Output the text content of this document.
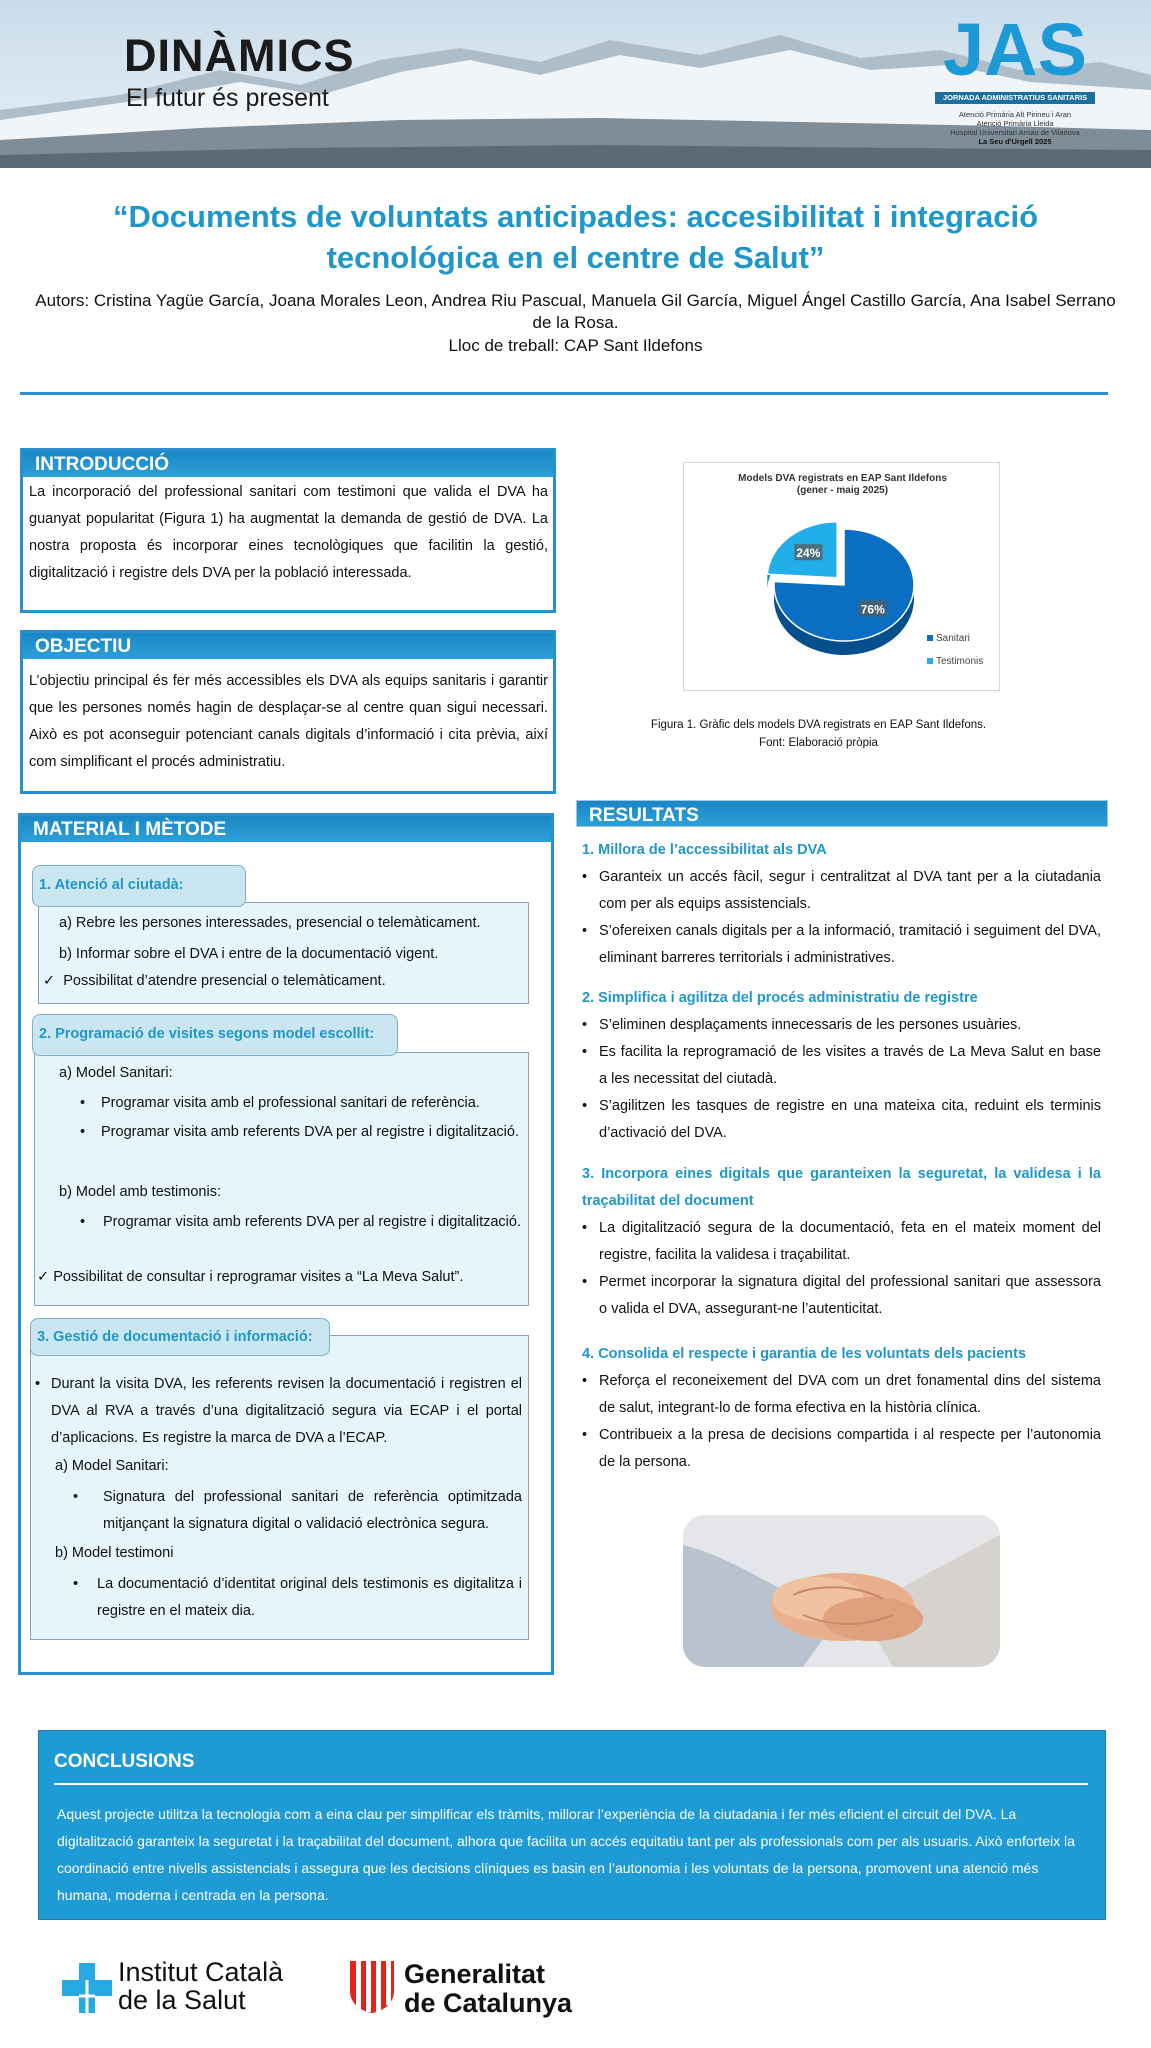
DINÀMICS
El futur és present
JAS
JORNADA ADMINISTRATIUS SANITARIS
Atenció Primària Alt Pirineu i Aran
Atenció Primària Lleida
Hospital Universitari Arnau de Vilanova
La Seu d'Urgell 2025
“Documents de voluntats anticipades: accesibilitat i integració
tecnológica en el centre de Salut”
Autors: Cristina Yagüe García, Joana Morales Leon, Andrea Riu Pascual, Manuela Gil García, Miguel Ángel Castillo García, Ana Isabel Serrano
de la Rosa.
Lloc de treball: CAP Sant Ildefons
INTRODUCCIÓ
La incorporació del professional sanitari com testimoni que valida el DVA ha guanyat popularitat (Figura 1) ha augmentat la demanda de gestió de DVA. La nostra proposta és incorporar eines tecnològiques que facilitin la gestió, digitalització i registre dels DVA per la població interessada.
OBJECTIU
L’objectiu principal és fer més accessibles els DVA als equips sanitaris i garantir que les persones només hagin de desplaçar-se al centre quan sigui necessari. Això es pot aconseguir potenciant canals digitals d’informació i cita prèvia, així com simplificant el procés administratiu.
MATERIAL I MÈTODE
a) Rebre les persones interessades, presencial o telemàticament.
b) Informar sobre el DVA i entre de la documentació vigent.
✓ Possibilitat d’atendre presencial o telemàticament.
1. Atenció al ciutadà:
a) Model Sanitari:
•	Programar visita amb el professional sanitari de referència.
•	Programar visita amb referents DVA per al registre i digitalització.
b) Model amb testimonis:
•	Programar visita amb referents DVA per al registre i digitalització.
✓ Possibilitat de consultar i reprogramar visites a “La Meva Salut”.
2. Programació de visites segons model escollit:
• Durant la visita DVA, les referents revisen la documentació i registren el DVA al RVA a través d’una digitalització segura via ECAP i el portal d’aplicacions. Es registre la marca de DVA a l’ECAP.
a) Model Sanitari:
•	Signatura del professional sanitari de referència optimitzada mitjançant la signatura digital o validació electrònica segura.
b) Model testimoni
•	La documentació d’identitat original dels testimonis es digitalitza i registre en el mateix dia.
3. Gestió de documentació i informació:
Models DVA registrats en EAP Sant Ildefons
(gener - maig 2025)
76%
24%
Sanitari
Testimonis
Figura 1. Gràfic dels models DVA registrats en EAP Sant Ildefons.
Font: Elaboració pròpia
RESULTATS
1. Millora de l’accessibilitat als DVA
• Garanteix un accés fàcil, segur i centralitzat al DVA tant per a la ciutadania com per als equips assistencials.
• S’ofereixen canals digitals per a la informació, tramitació i seguiment del DVA, eliminant barreres territorials i administratives.
2. Simplifica i agilitza del procés administratiu de registre
• S’eliminen desplaçaments innecessaris de les persones usuàries.
• Es facilita la reprogramació de les visites a través de La Meva Salut en base a les necessitat del ciutadà.
• S’agilitzen les tasques de registre en una mateixa cita, reduint els terminis d’activació del DVA.
3. Incorpora eines digitals que garanteixen la seguretat, la validesa i la traçabilitat del document
• La digitalització segura de la documentació, feta en el mateix moment del registre, facilita la validesa i traçabilitat.
• Permet incorporar la signatura digital del professional sanitari que assessora o valida el DVA, assegurant-ne l’autenticitat.
4. Consolida el respecte i garantia de les voluntats dels pacients
• Reforça el reconeixement del DVA com un dret fonamental dins del sistema de salut, integrant-lo de forma efectiva en la història clínica.
• Contribueix a la presa de decisions compartida i al respecte per l’autonomia de la persona.
CONCLUSIONS
Aquest projecte utilitza la tecnologia com a eina clau per simplificar els tràmits, millorar l’experiència de la ciutadania i fer més eficient el circuit del DVA. La digitalització garanteix la seguretat i la traçabilitat del document, alhora que facilita un accés equitatiu tant per als professionals com per als usuaris. Això enforteix la coordinació entre nivells assistencials i assegura que les decisions clíniques es basin en l’autonomia i les voluntats de la persona, promovent una atenció més humana, moderna i centrada en la persona.
Institut Català
de la Salut
Generalitat
de Catalunya
